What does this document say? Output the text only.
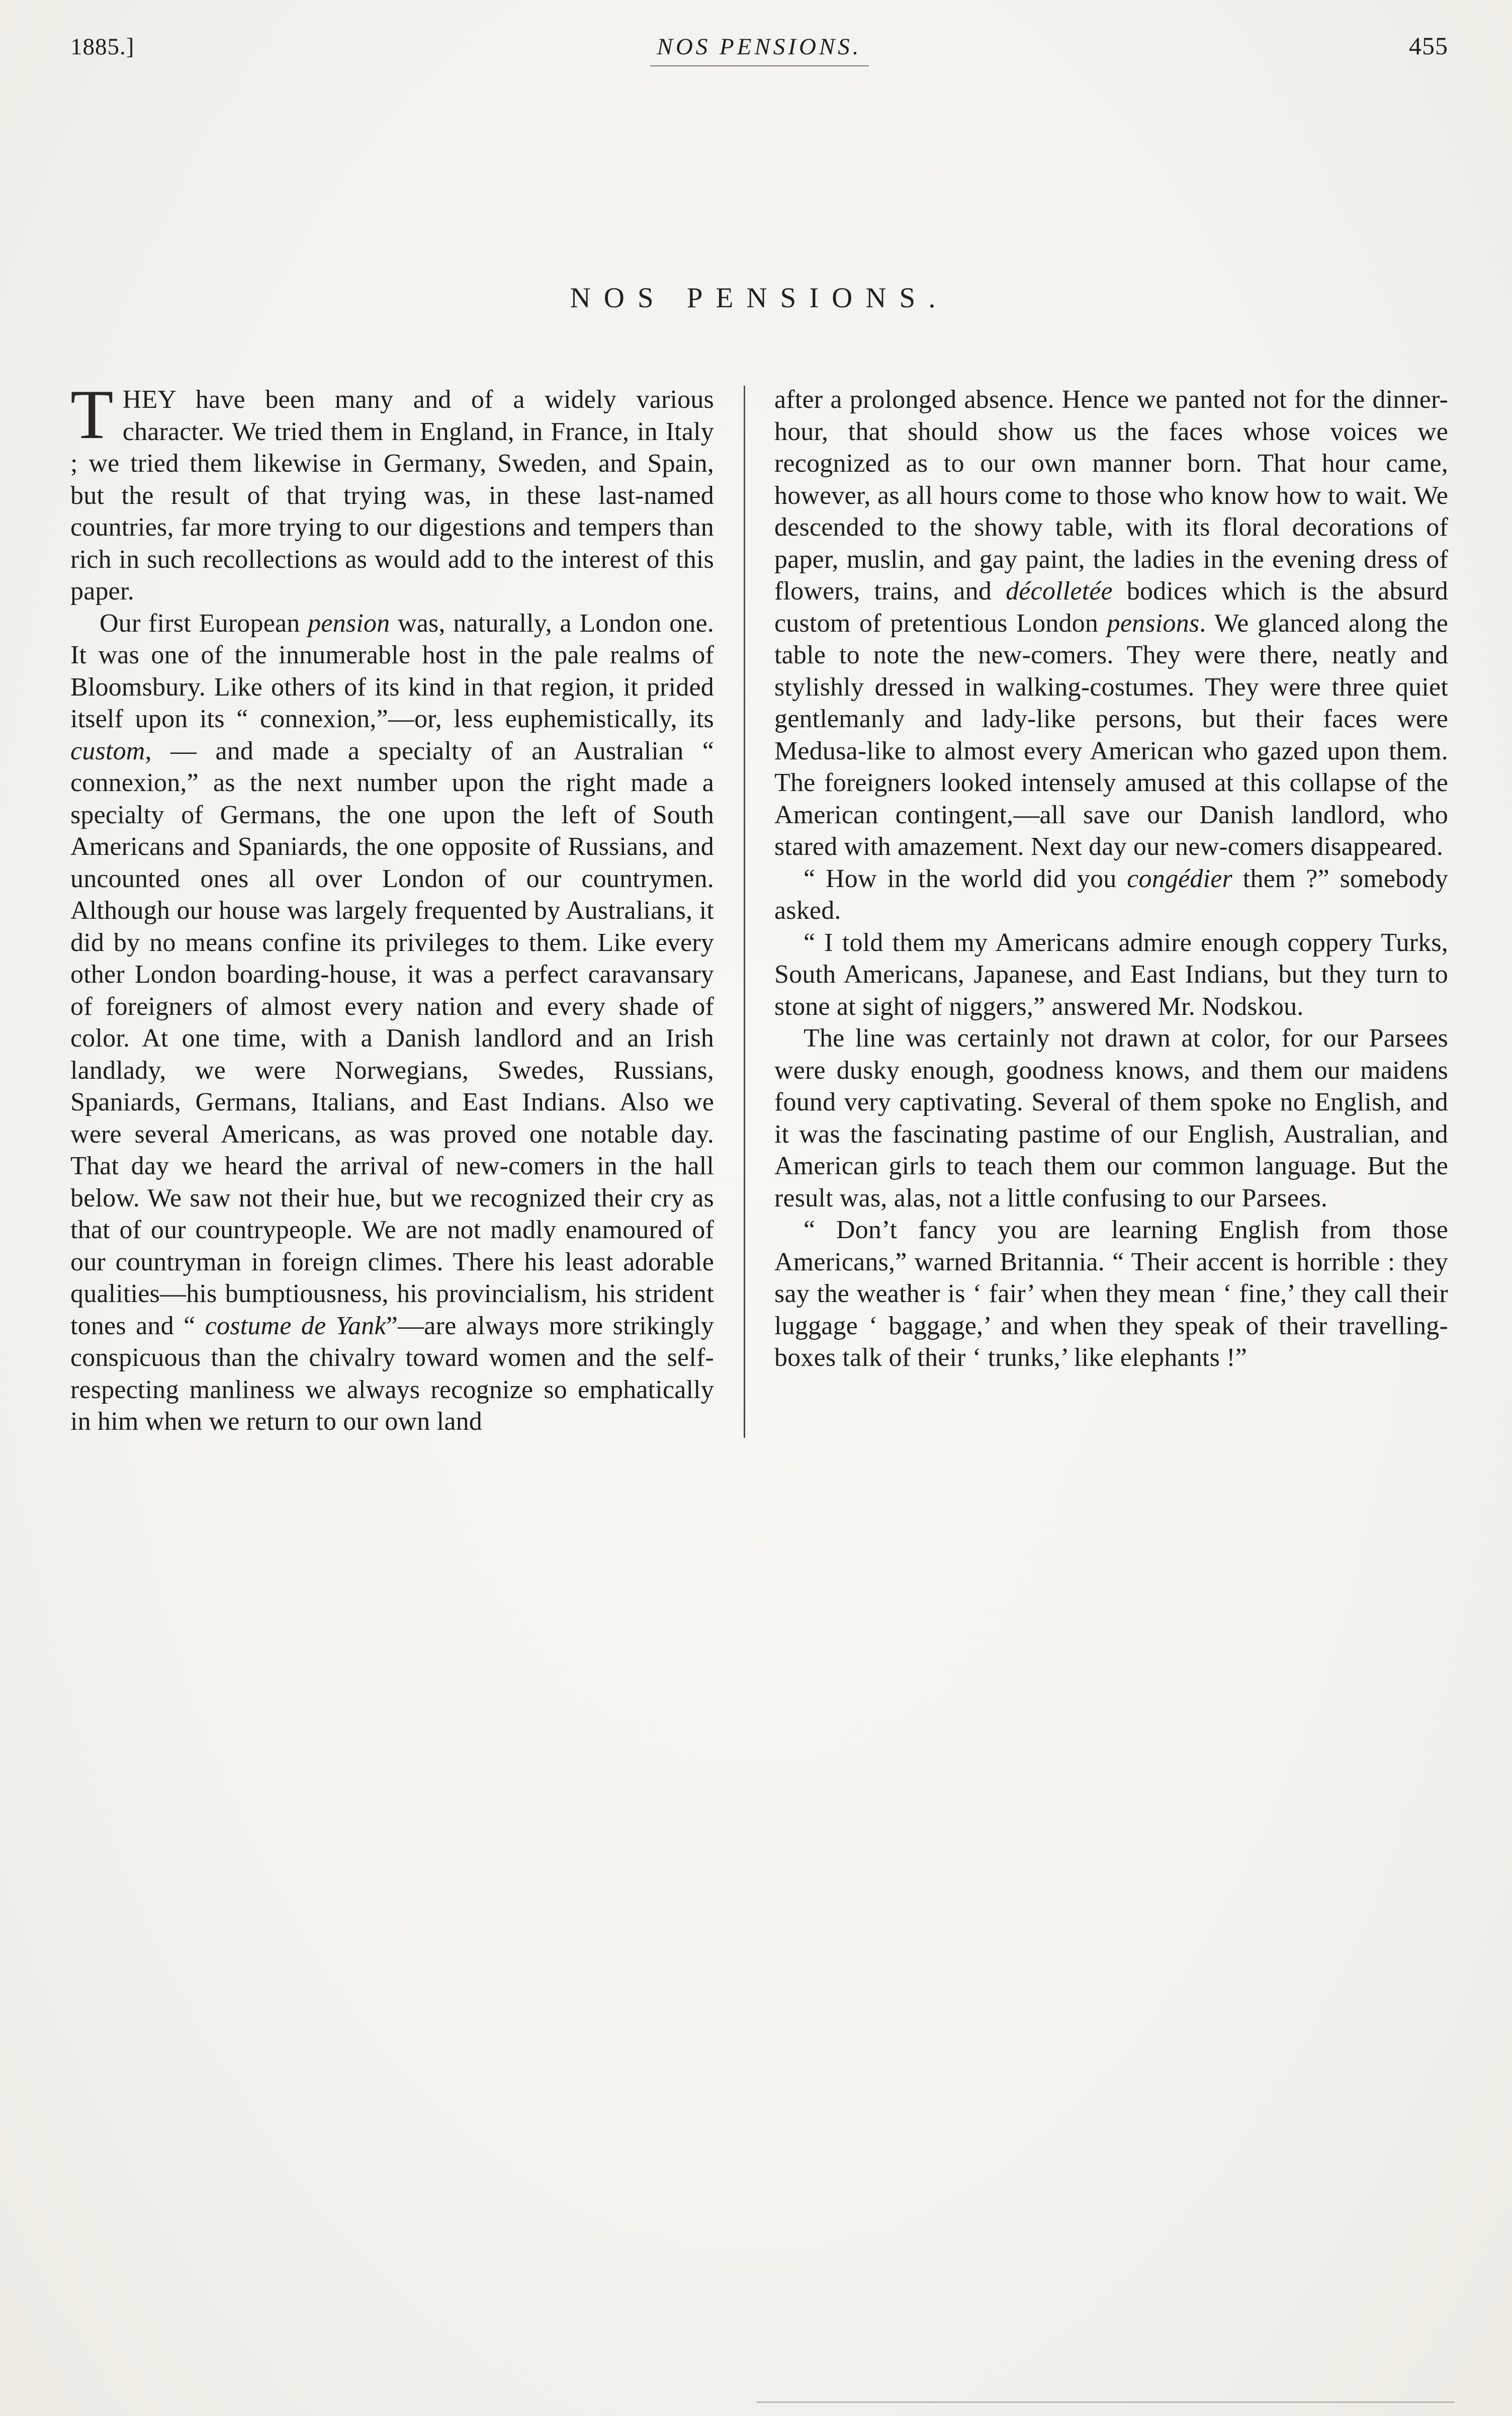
1885.]	NOS PENSIONS.	455
NOS PENSIONS.

THEY have been many and of a widely various character. We tried them in England, in France, in Italy ; we tried them likewise in Germany, Sweden, and Spain, but the result of that trying was, in these last-named countries, far more trying to our digestions and tempers than rich in such recollections as would add to the interest of this paper.

Our first European pension was, naturally, a London one. It was one of the innumerable host in the pale realms of Bloomsbury. Like others of its kind in that region, it prided itself upon its “ connexion,”—or, less euphemistically, its custom, — and made a specialty of an Australian “ connexion,” as the next number upon the right made a specialty of Germans, the one upon the left of South Americans and Spaniards, the one opposite of Russians, and uncounted ones all over London of our countrymen. Although our house was largely frequented by Australians, it did by no means confine its privileges to them. Like every other London boarding-house, it was a perfect caravansary of foreigners of almost every nation and every shade of color. At one time, with a Danish landlord and an Irish landlady, we were Norwegians, Swedes, Russians, Spaniards, Germans, Italians, and East Indians. Also we were several Americans, as was proved one notable day. That day we heard the arrival of new-comers in the hall below. We saw not their hue, but we recognized their cry as that of our countrypeople. We are not madly enamoured of our countryman in foreign climes. There his least adorable qualities—his bumptiousness, his provincialism, his strident tones and “ costume de Yank”—are always more strikingly conspicuous than the chivalry toward women and the self-respecting manliness we always recognize so emphatically in him when we return to our own land

after a prolonged absence. Hence we panted not for the dinner-hour, that should show us the faces whose voices we recognized as to our own manner born. That hour came, however, as all hours come to those who know how to wait. We descended to the showy table, with its floral decorations of paper, muslin, and gay paint, the ladies in the evening dress of flowers, trains, and décolletée bodices which is the absurd custom of pretentious London pensions. We glanced along the table to note the new-comers. They were there, neatly and stylishly dressed in walking-costumes. They were three quiet gentlemanly and lady-like persons, but their faces were Medusa-like to almost every American who gazed upon them. The foreigners looked intensely amused at this collapse of the American contingent,—all save our Danish landlord, who stared with amazement. Next day our new-comers disappeared.

“ How in the world did you congédier them ?” somebody asked.

“ I told them my Americans admire enough coppery Turks, South Americans, Japanese, and East Indians, but they turn to stone at sight of niggers,” answered Mr. Nodskou.

The line was certainly not drawn at color, for our Parsees were dusky enough, goodness knows, and them our maidens found very captivating. Several of them spoke no English, and it was the fascinating pastime of our English, Australian, and American girls to teach them our common language. But the result was, alas, not a little confusing to our Parsees.

“ Don’t fancy you are learning English from those Americans,” warned Britannia. “ Their accent is horrible : they say the weather is ‘ fair’ when they mean ‘ fine,’ they call their luggage ‘ baggage,’ and when they speak of their travelling-boxes talk of their ‘ trunks,’ like elephants !”
